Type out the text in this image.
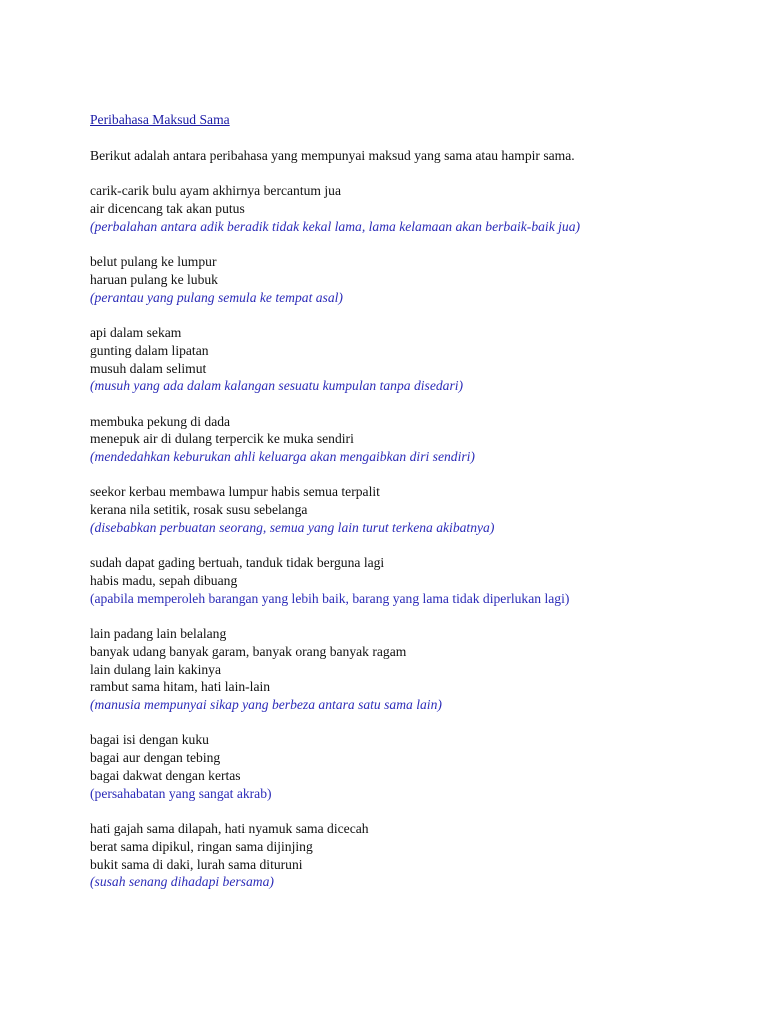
Peribahasa Maksud Sama
Berikut adalah antara peribahasa yang mempunyai maksud yang sama atau hampir sama.
carik-carik bulu ayam akhirnya bercantum jua
air dicencang tak akan putus
(perbalahan antara adik beradik tidak kekal lama, lama kelamaan akan berbaik-baik jua)
belut pulang ke lumpur
haruan pulang ke lubuk
(perantau yang pulang semula ke tempat asal)
api dalam sekam
gunting dalam lipatan
musuh dalam selimut
(musuh yang ada dalam kalangan sesuatu kumpulan tanpa disedari)
membuka pekung di dada
menepuk air di dulang terpercik ke muka sendiri
(mendedahkan keburukan ahli keluarga akan mengaibkan diri sendiri)
seekor kerbau membawa lumpur habis semua terpalit
kerana nila setitik, rosak susu sebelanga
(disebabkan perbuatan seorang, semua yang lain turut terkena akibatnya)
sudah dapat gading bertuah, tanduk tidak berguna lagi
habis madu, sepah dibuang
(apabila memperoleh barangan yang lebih baik, barang yang lama tidak diperlukan lagi)
lain padang lain belalang
banyak udang banyak garam, banyak orang banyak ragam
lain dulang lain kakinya
rambut sama hitam, hati lain-lain
(manusia mempunyai sikap yang berbeza antara satu sama lain)
bagai isi dengan kuku
bagai aur dengan tebing
bagai dakwat dengan kertas
(persahabatan yang sangat akrab)
hati gajah sama dilapah, hati nyamuk sama dicecah
berat sama dipikul, ringan sama dijinjing
bukit sama di daki, lurah sama dituruni
(susah senang dihadapi bersama)
